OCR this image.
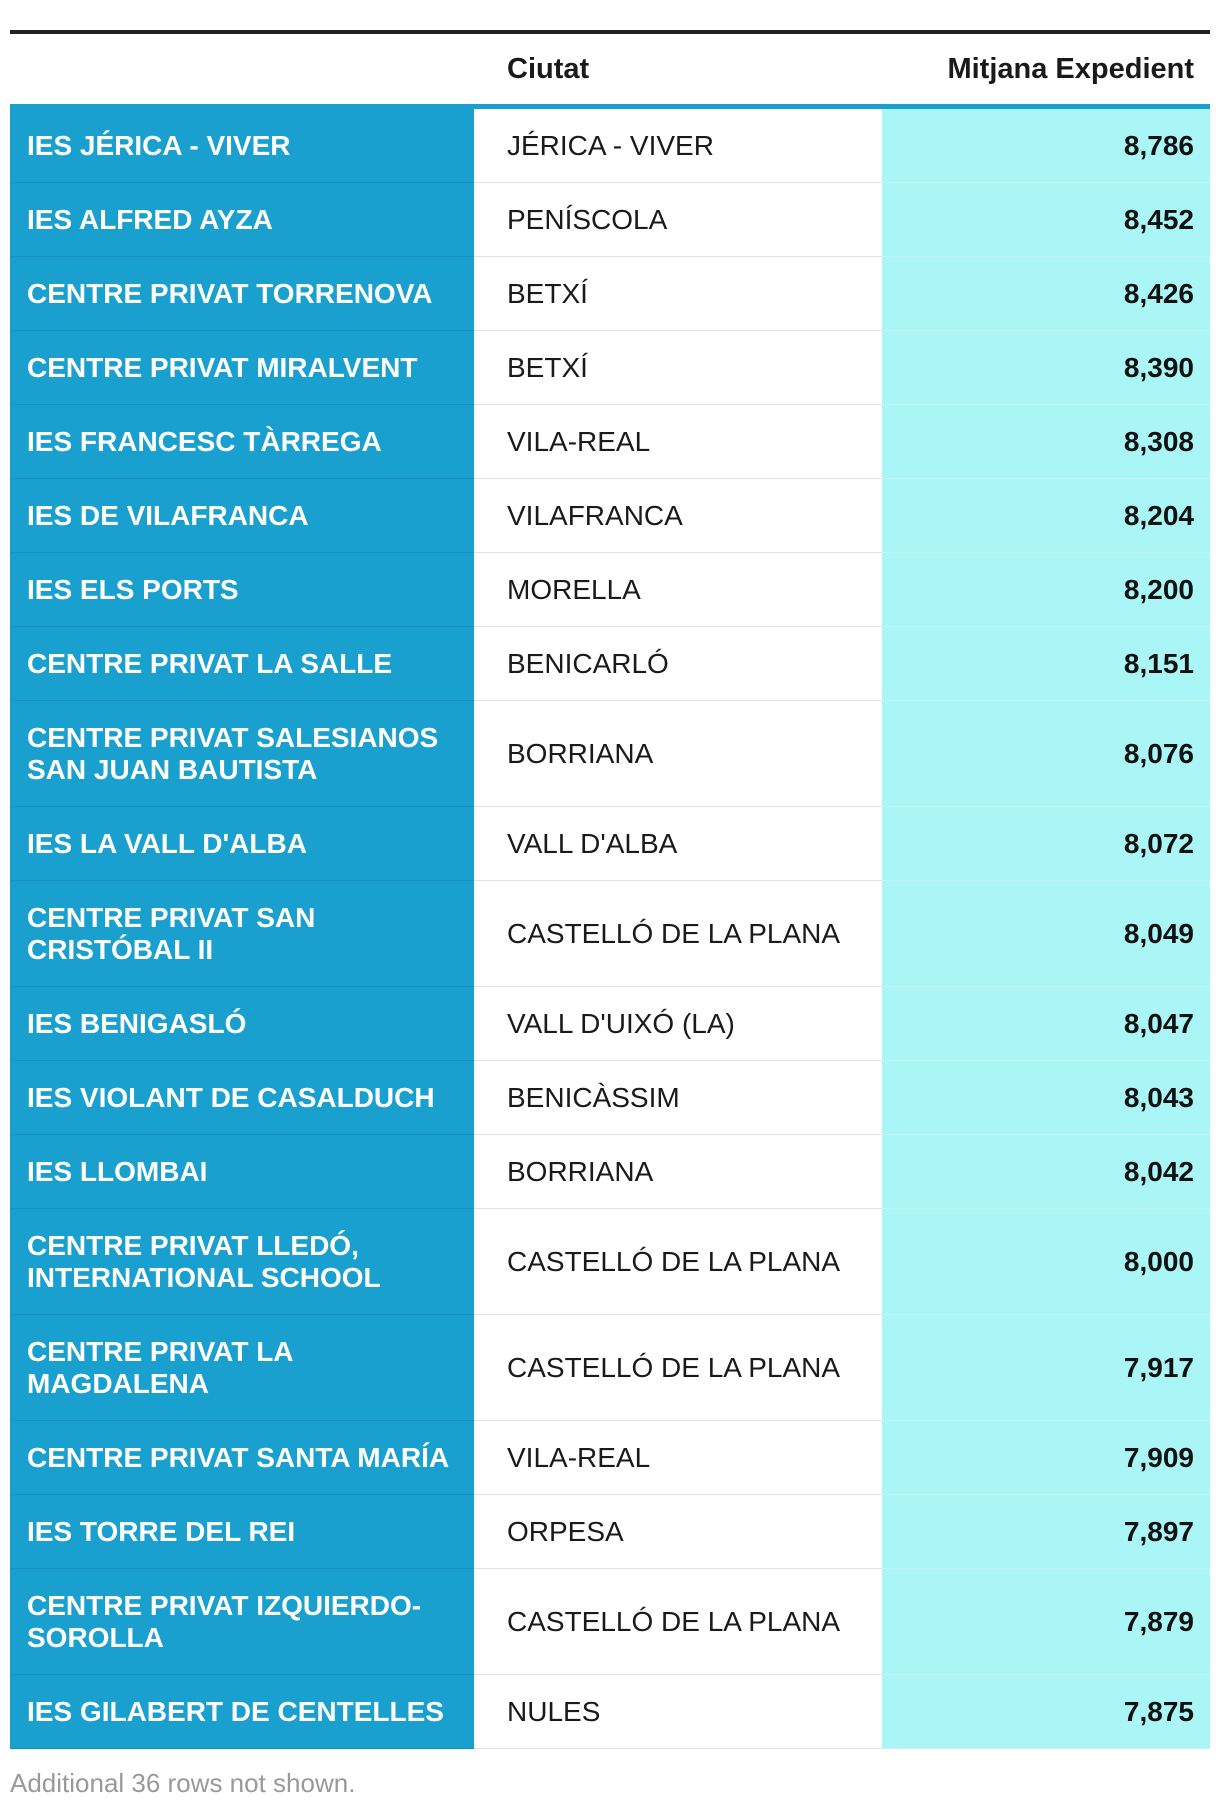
	Ciutat	Mitjana Expedient
IES JÉRICA - VIVER	JÉRICA - VIVER	8,786
IES ALFRED AYZA	PENÍSCOLA	8,452
CENTRE PRIVAT TORRENOVA	BETXÍ	8,426
CENTRE PRIVAT MIRALVENT	BETXÍ	8,390
IES FRANCESC TÀRREGA	VILA-REAL	8,308
IES DE VILAFRANCA	VILAFRANCA	8,204
IES ELS PORTS	MORELLA	8,200
CENTRE PRIVAT LA SALLE	BENICARLÓ	8,151
CENTRE PRIVAT SALESIANOS SAN JUAN BAUTISTA	BORRIANA	8,076
IES LA VALL D'ALBA	VALL D'ALBA	8,072
CENTRE PRIVAT SAN CRISTÓBAL II	CASTELLÓ DE LA PLANA	8,049
IES BENIGASLÓ	VALL D'UIXÓ (LA)	8,047
IES VIOLANT DE CASALDUCH	BENICÀSSIM	8,043
IES LLOMBAI	BORRIANA	8,042
CENTRE PRIVAT LLEDÓ, INTERNATIONAL SCHOOL	CASTELLÓ DE LA PLANA	8,000
CENTRE PRIVAT LA MAGDALENA	CASTELLÓ DE LA PLANA	7,917
CENTRE PRIVAT SANTA MARÍA	VILA-REAL	7,909
IES TORRE DEL REI	ORPESA	7,897
CENTRE PRIVAT IZQUIERDO-SOROLLA	CASTELLÓ DE LA PLANA	7,879
IES GILABERT DE CENTELLES	NULES	7,875
Additional 36 rows not shown.
